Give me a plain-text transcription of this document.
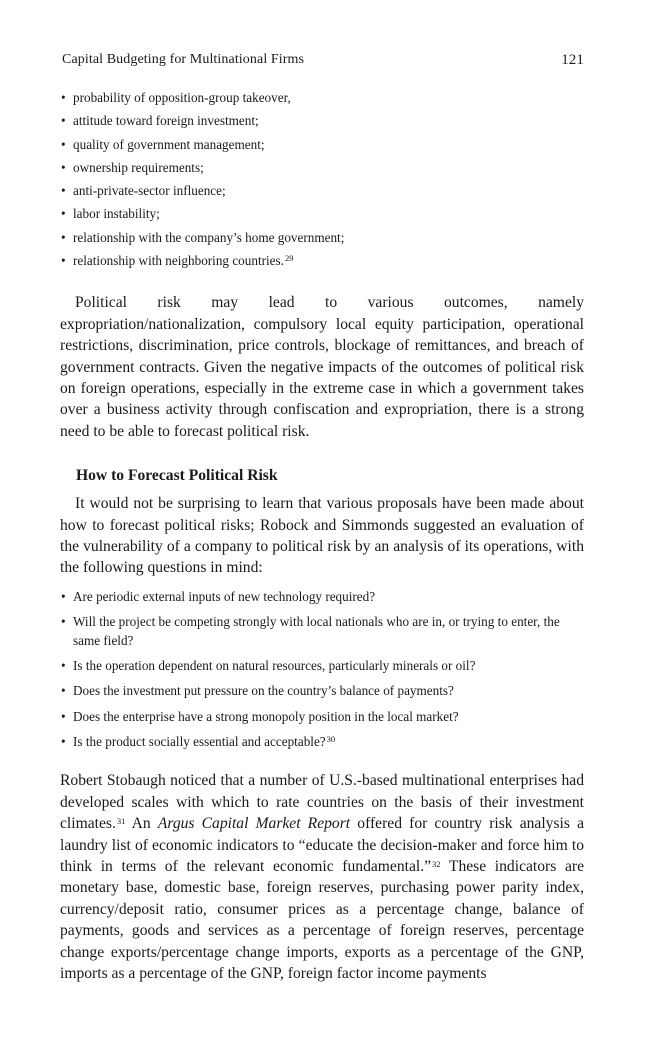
Capital Budgeting for Multinational Firms	121
• probability of opposition-group takeover,
• attitude toward foreign investment;
• quality of government management;
• ownership requirements;
• anti-private-sector influence;
• labor instability;
• relationship with the company’s home government;
• relationship with neighboring countries.$^{29}$

Political risk may lead to various outcomes, namely expropriation/nationalization, compulsory local equity participation, operational restrictions, discrimination, price controls, blockage of remittances, and breach of government contracts. Given the negative impacts of the outcomes of political risk on foreign operations, especially in the extreme case in which a government takes over a business activity through confiscation and expropriation, there is a strong need to be able to forecast political risk.

How to Forecast Political Risk

It would not be surprising to learn that various proposals have been made about how to forecast political risks; Robock and Simmonds suggested an evaluation of the vulnerability of a company to political risk by an analysis of its operations, with the following questions in mind:

• Are periodic external inputs of new technology required?
• Will the project be competing strongly with local nationals who are in, or trying to enter, the same field?
• Is the operation dependent on natural resources, particularly minerals or oil?
• Does the investment put pressure on the country’s balance of payments?
• Does the enterprise have a strong monopoly position in the local market?
• Is the product socially essential and acceptable?$^{30}$

Robert Stobaugh noticed that a number of U.S.-based multinational enterprises had developed scales with which to rate countries on the basis of their investment climates.$^{31}$ An Argus Capital Market Report offered for country risk analysis a laundry list of economic indicators to “educate the decision-maker and force him to think in terms of the relevant economic fundamental.”$^{32}$ These indicators are monetary base, domestic base, foreign reserves, purchasing power parity index, currency/deposit ratio, consumer prices as a percentage change, balance of payments, goods and services as a percentage of foreign reserves, percentage change exports/percentage change imports, exports as a percentage of the GNP, imports as a percentage of the GNP, foreign factor income payments
